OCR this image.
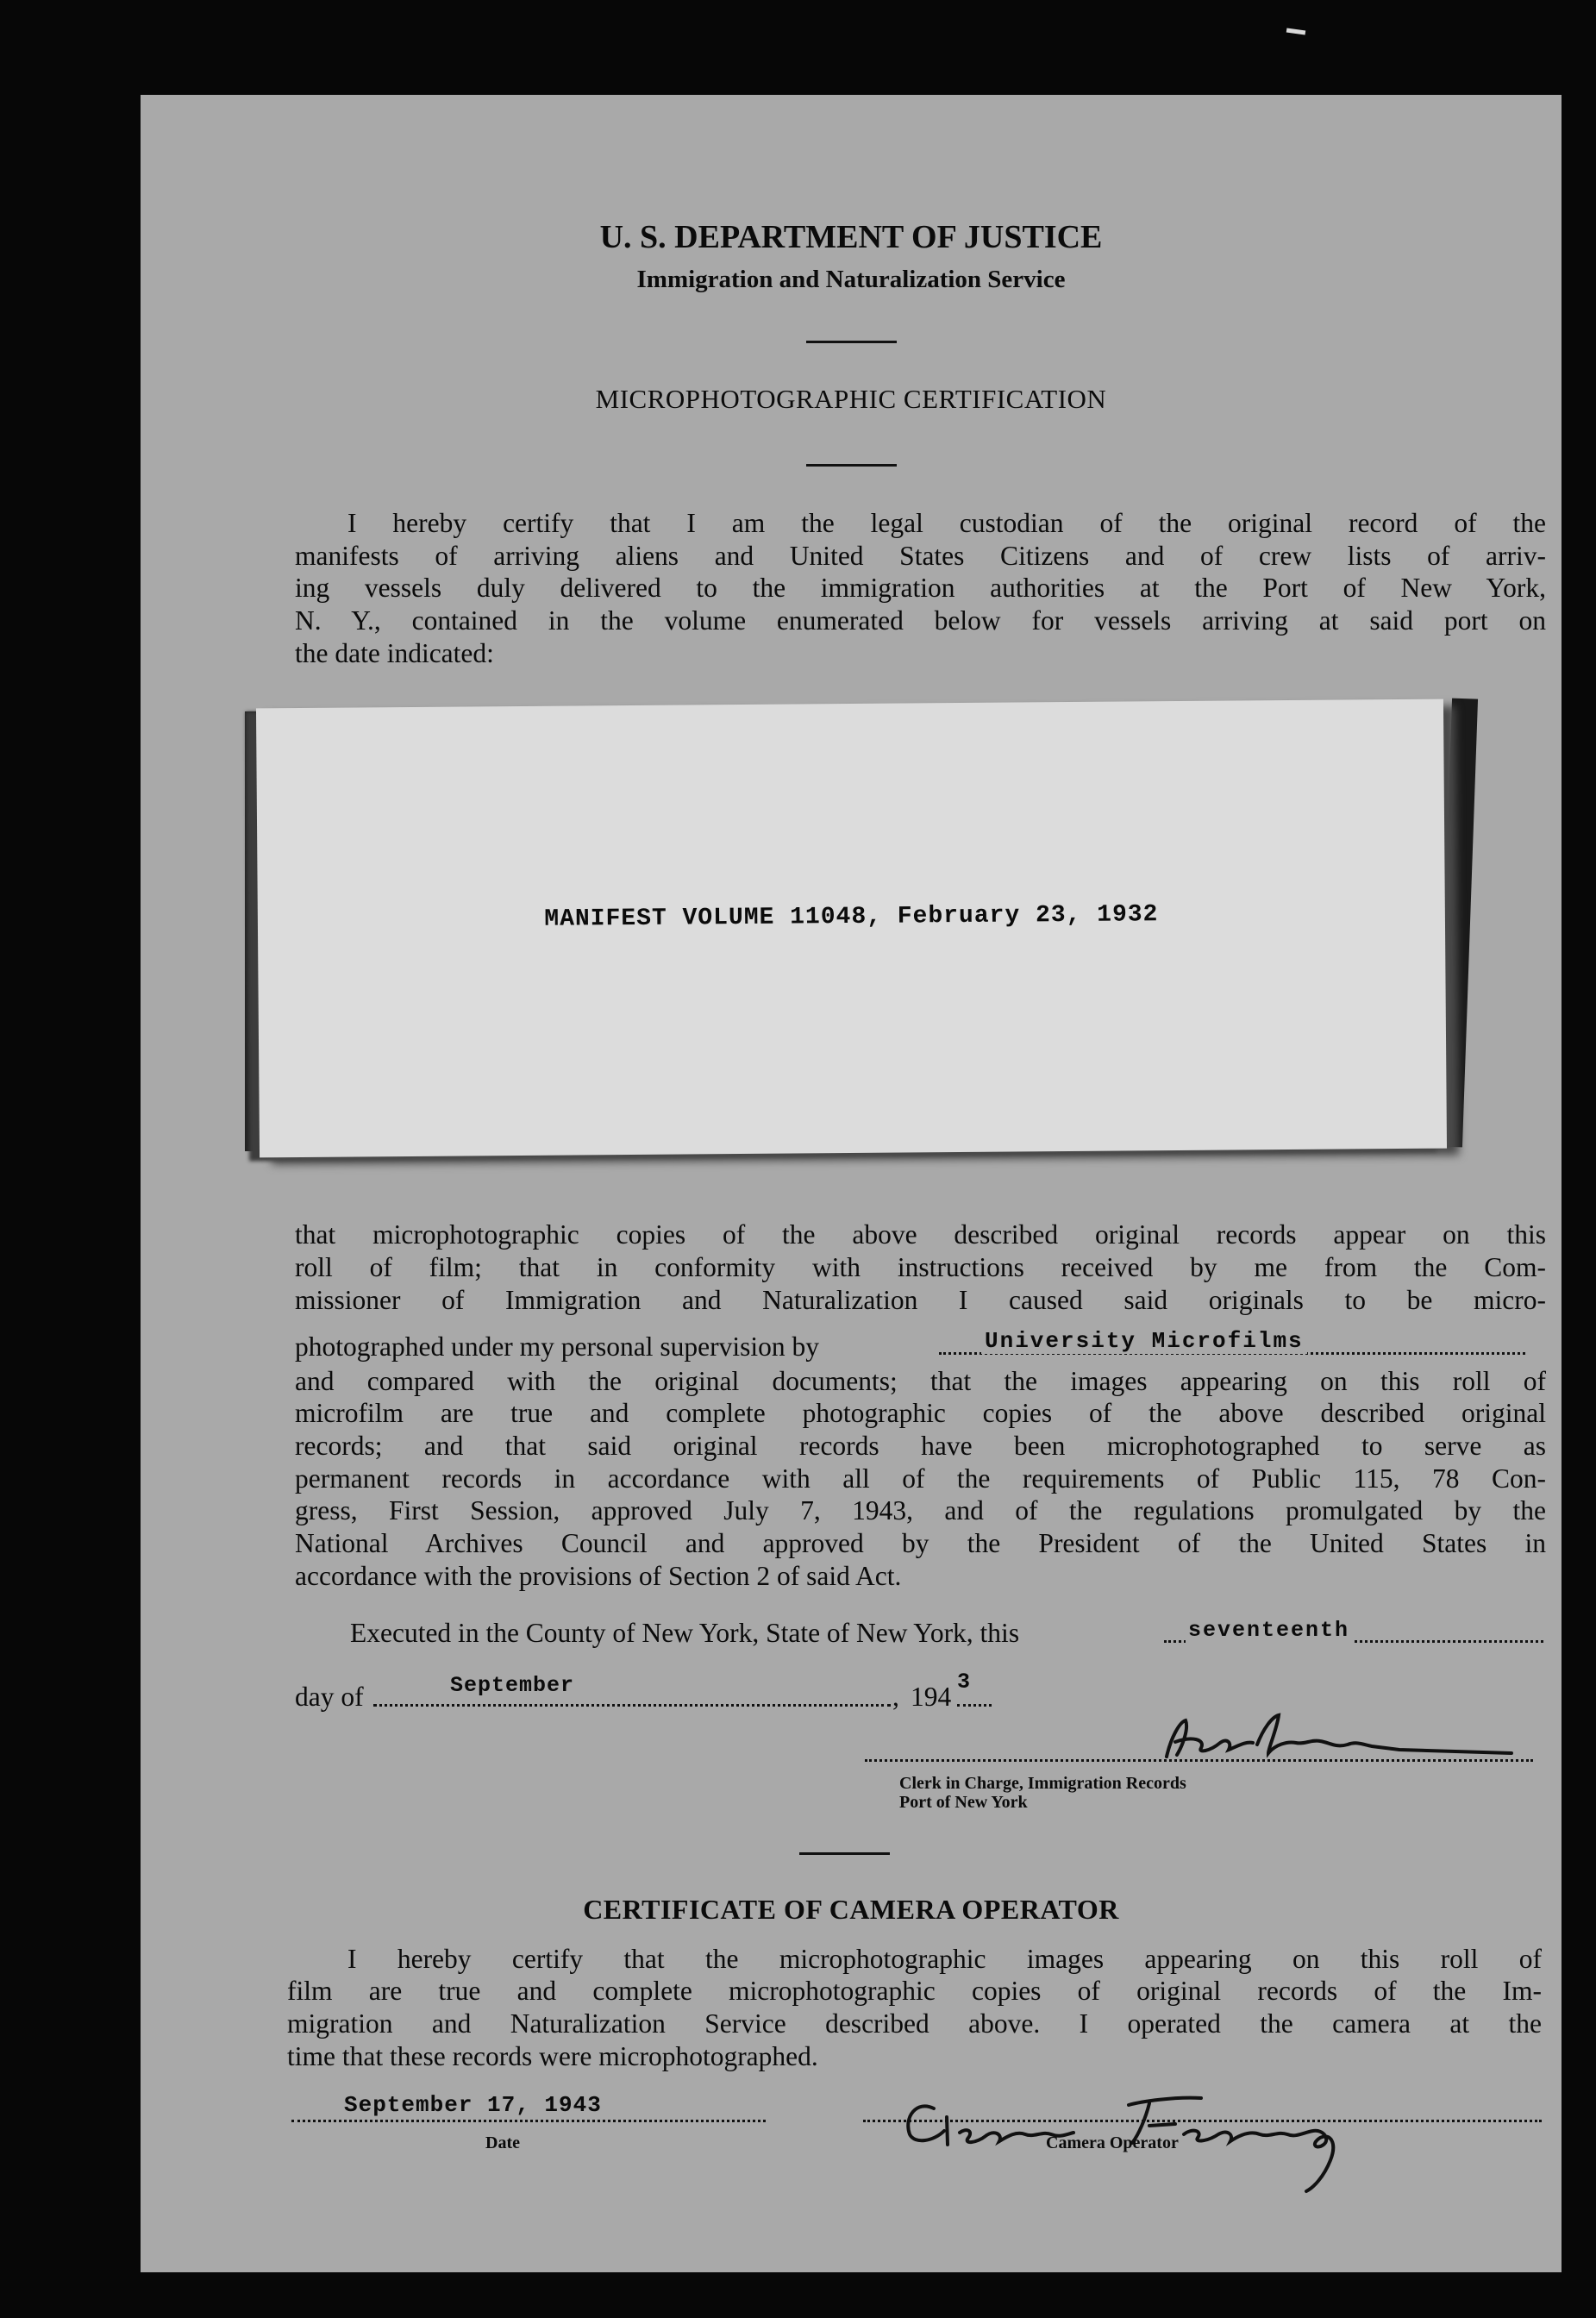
U. S. DEPARTMENT OF JUSTICE
Immigration and Naturalization Service
MICROPHOTOGRAPHIC CERTIFICATION

I hereby certify that I am the legal custodian of the original record of the

manifests of arriving aliens and United States Citizens and of crew lists of arriv-

ing vessels duly delivered to the immigration authorities at the Port of New York,

N. Y., contained in the volume enumerated below for vessels arriving at said port on

the date indicated:

MANIFEST VOLUME 11048, February 23, 1932

that microphotographic copies of the above described original records appear on this

roll of film; that in conformity with instructions received by me from the Com-

missioner of Immigration and Naturalization I caused said originals to be micro-

photographed under my personal supervision by	University Microfilms

and compared with the original documents; that the images appearing on this roll of

microfilm are true and complete photographic copies of the above described original

records; and that said original records have been microphotographed to serve as

permanent records in accordance with all of the requirements of Public 115, 78 Con-

gress, First Session, approved July 7, 1943, and of the regulations promulgated by the

National Archives Council and approved by the President of the United States in

accordance with the provisions of Section 2 of said Act.

Executed in the County of New York, State of New York, this	seventeenth
day of	September	, 194 3
Clerk in Charge, Immigration Records
Port of New York
CERTIFICATE OF CAMERA OPERATOR

I hereby certify that the microphotographic images appearing on this roll of

film are true and complete microphotographic copies of original records of the Im-

migration and Naturalization Service described above. I operated the camera at the

time that these records were microphotographed.

September 17, 1943
Date	Camera Operator
